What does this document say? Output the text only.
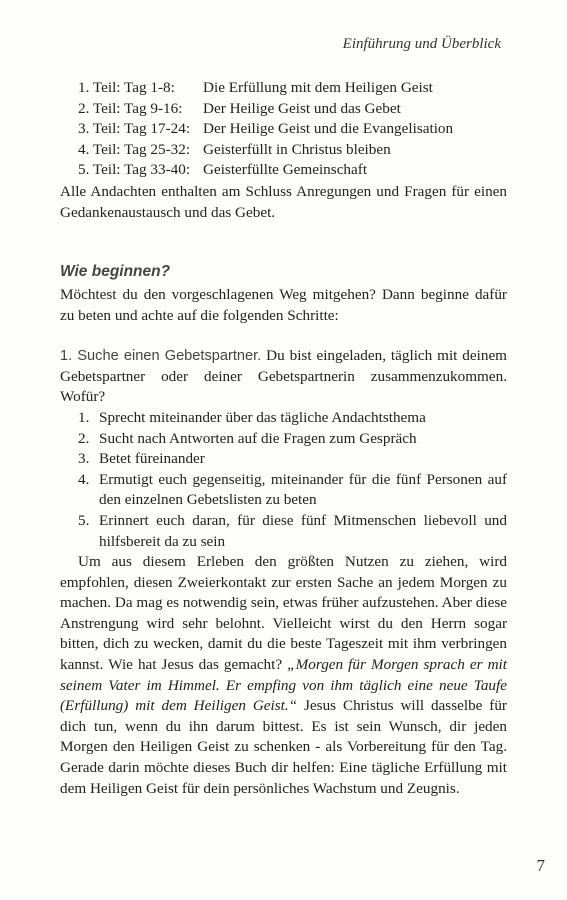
Einführung und Überblick
1. Teil: Tag 1-8:	Die Erfüllung mit dem Heiligen Geist
2. Teil: Tag 9-16:	Der Heilige Geist und das Gebet
3. Teil: Tag 17-24: Der Heilige Geist und die Evangelisation
4. Teil: Tag 25-32: Geisterfüllt in Christus bleiben
5. Teil: Tag 33-40: Geisterfüllte Gemeinschaft

Alle Andachten enthalten am Schluss Anregungen und Fragen für einen Gedankenaustausch und das Gebet.

Wie beginnen?

Möchtest du den vorgeschlagenen Weg mitgehen? Dann beginne dafür zu beten und achte auf die folgenden Schritte:

1. Suche einen Gebetspartner. Du bist eingeladen, täglich mit deinem Gebetspartner oder deiner Gebetspartnerin zusammenzukommen. Wofür?

1. Sprecht miteinander über das tägliche Andachtsthema
2. Sucht nach Antworten auf die Fragen zum Gespräch
3. Betet füreinander
4. Ermutigt euch gegenseitig, miteinander für die fünf Personen auf den einzelnen Gebetslisten zu beten
5. Erinnert euch daran, für diese fünf Mitmenschen liebevoll und hilfsbereit da zu sein

Um aus diesem Erleben den größten Nutzen zu ziehen, wird empfohlen, diesen Zweierkontakt zur ersten Sache an jedem Morgen zu machen. Da mag es notwendig sein, etwas früher aufzustehen. Aber diese Anstrengung wird sehr belohnt. Vielleicht wirst du den Herrn sogar bitten, dich zu wecken, damit du die beste Tageszeit mit ihm verbringen kannst. Wie hat Jesus das gemacht? „Morgen für Morgen sprach er mit seinem Vater im Himmel. Er empfing von ihm täglich eine neue Taufe (Erfüllung) mit dem Heiligen Geist.“ Jesus Christus will dasselbe für dich tun, wenn du ihn darum bittest. Es ist sein Wunsch, dir jeden Morgen den Heiligen Geist zu schenken - als Vorbereitung für den Tag. Gerade darin möchte dieses Buch dir helfen: Eine tägliche Erfüllung mit dem Heiligen Geist für dein persönliches Wachstum und Zeugnis.

7
